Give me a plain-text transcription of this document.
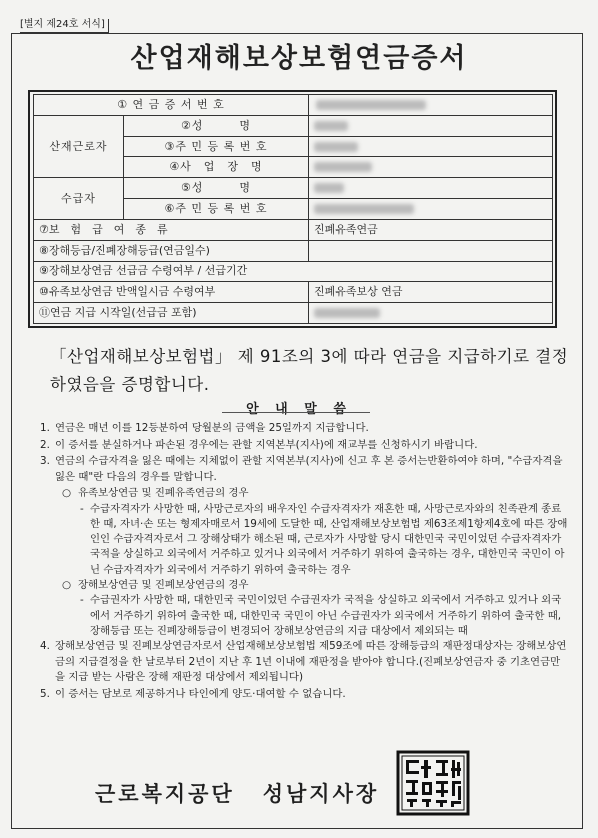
[별지 제24호 서식]
산업재해보상보험연금증서
① 연 금 증 서 번 호		
산재근로자	②성　　　명	
	③주 민 등 록 번 호	
	④사　업　장　명	
수급자	⑤성　　　명	
	⑥주 민 등 록 번 호	
⑦보　험　급　여　종　류		진폐유족연금
⑧장해등급/진폐장해등급(연금일수)		
⑨장해보상연금 선급금 수령여부 / 선급기간		
⑩유족보상연금 반액일시금 수령여부		진폐유족보상 연금
⑪연금 지급 시작일(선급금 포함)		
「산업재해보상보험법」 제 91조의 3에 따라 연금을 지급하기로 결정하였음을 증명합니다.
안 내 말 씀
1. 연금은 매년 이를 12등분하여 당월분의 금액을 25일까지 지급합니다.
2. 이 증서를 분실하거나 파손된 경우에는 관할 지역본부(지사)에 재교부를 신청하시기 바랍니다.
3. 연금의 수급자격을 잃은 때에는 지체없이 관할 지역본부(지사)에 신고 후 본 증서는반환하여야 하며, "수급자격을 잃은 때"란 다음의 경우를 말합니다.
○ 유족보상연금 및 진폐유족연금의 경우
- 수급자격자가 사망한 때, 사망근로자의 배우자인 수급자격자가 재혼한 때, 사망근로자와의 친족관계 종료한 때, 자녀·손 또는 형제자매로서 19세에 도달한 때, 산업재해보상보험법 제63조제1항제4호에 따른 장애인인 수급자격자로서 그 장해상태가 해소된 때, 근로자가 사망할 당시 대한민국 국민이었던 수급자격자가 국적을 상실하고 외국에서 거주하고 있거나 외국에서 거주하기 위하여 출국하는 경우, 대한민국 국민이 아닌 수급자격자가 외국에서 거주하기 위하여 출국하는 경우
○ 장해보상연금 및 진폐보상연금의 경우
- 수급권자가 사망한 때, 대한민국 국민이었던 수급권자가 국적을 상실하고 외국에서 거주하고 있거나 외국에서 거주하기 위하여 출국한 때, 대한민국 국민이 아닌 수급권자가 외국에서 거주하기 위하여 출국한 때, 장해등급 또는 진폐장해등급이 변경되어 장해보상연금의 지급 대상에서 제외되는 때
4. 장해보상연금 및 진폐보상연금자로서 산업재해보상보험법 제59조에 따른 장해등급의 재판정대상자는 장해보상연금의 지급결정을 한 날로부터 2년이 지난 후 1년 이내에 재판정을 받아야 합니다.(진폐보상연금자 중 기초연금만을 지급 받는 사람은 장해 재판정 대상에서 제외됩니다)
5. 이 증서는 담보로 제공하거나 타인에게 양도·대여할 수 없습니다.
근로복지공단 성남지사장
